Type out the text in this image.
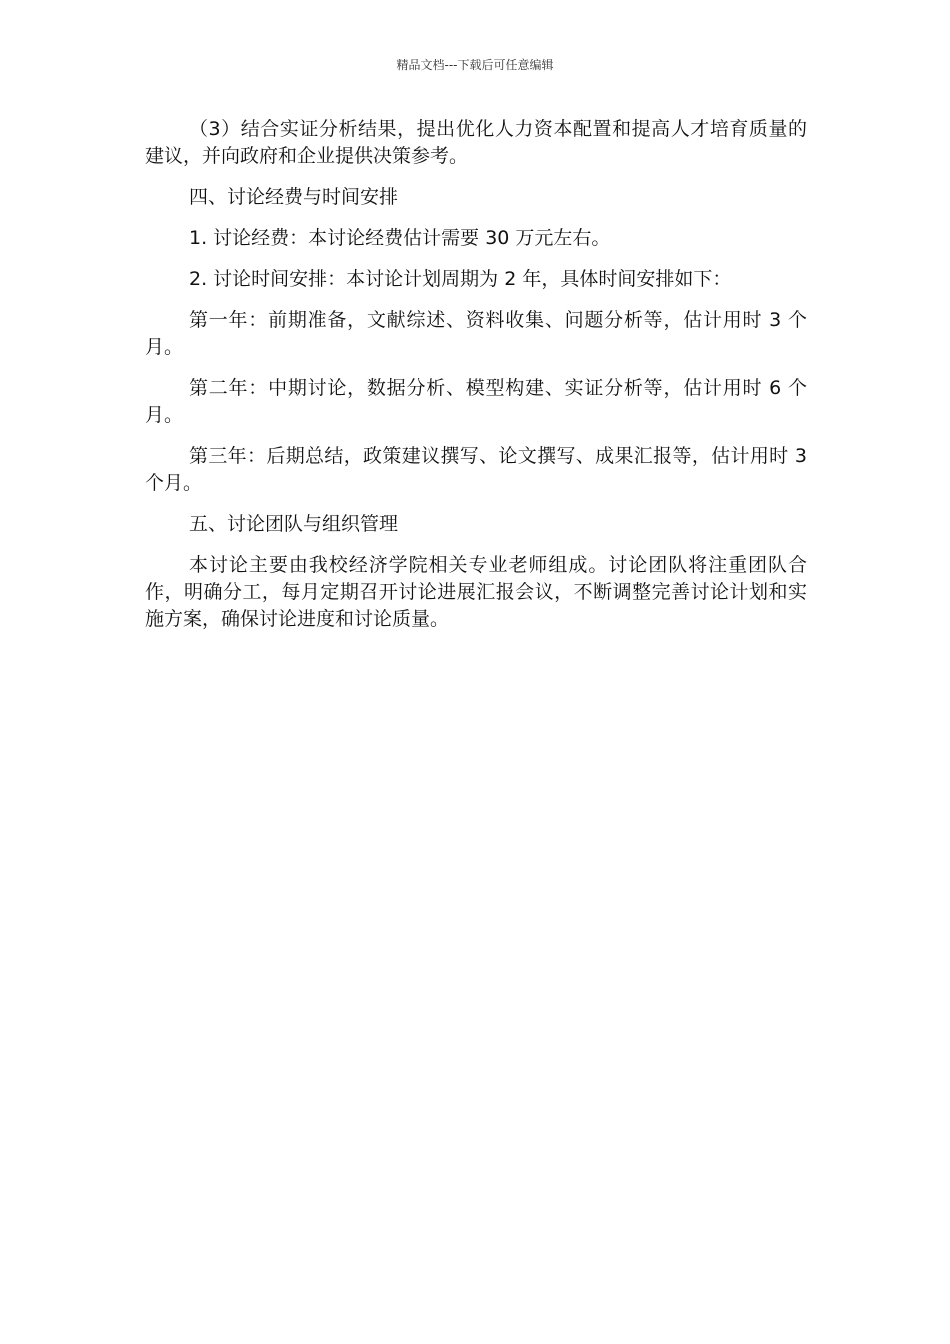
精品文档---下载后可任意编辑

（3）结合实证分析结果，提出优化人力资本配置和提高人才培育质量的建议，并向政府和企业提供决策参考。

四、讨论经费与时间安排

1. 讨论经费：本讨论经费估计需要 30 万元左右。

2. 讨论时间安排：本讨论计划周期为 2 年，具体时间安排如下：

第一年：前期准备，文献综述、资料收集、问题分析等，估计用时 3 个月。

第二年：中期讨论，数据分析、模型构建、实证分析等，估计用时 6 个月。

第三年：后期总结，政策建议撰写、论文撰写、成果汇报等，估计用时 3 个月。

五、讨论团队与组织管理

本讨论主要由我校经济学院相关专业老师组成。讨论团队将注重团队合作，明确分工，每月定期召开讨论进展汇报会议，不断调整完善讨论计划和实施方案，确保讨论进度和讨论质量。
